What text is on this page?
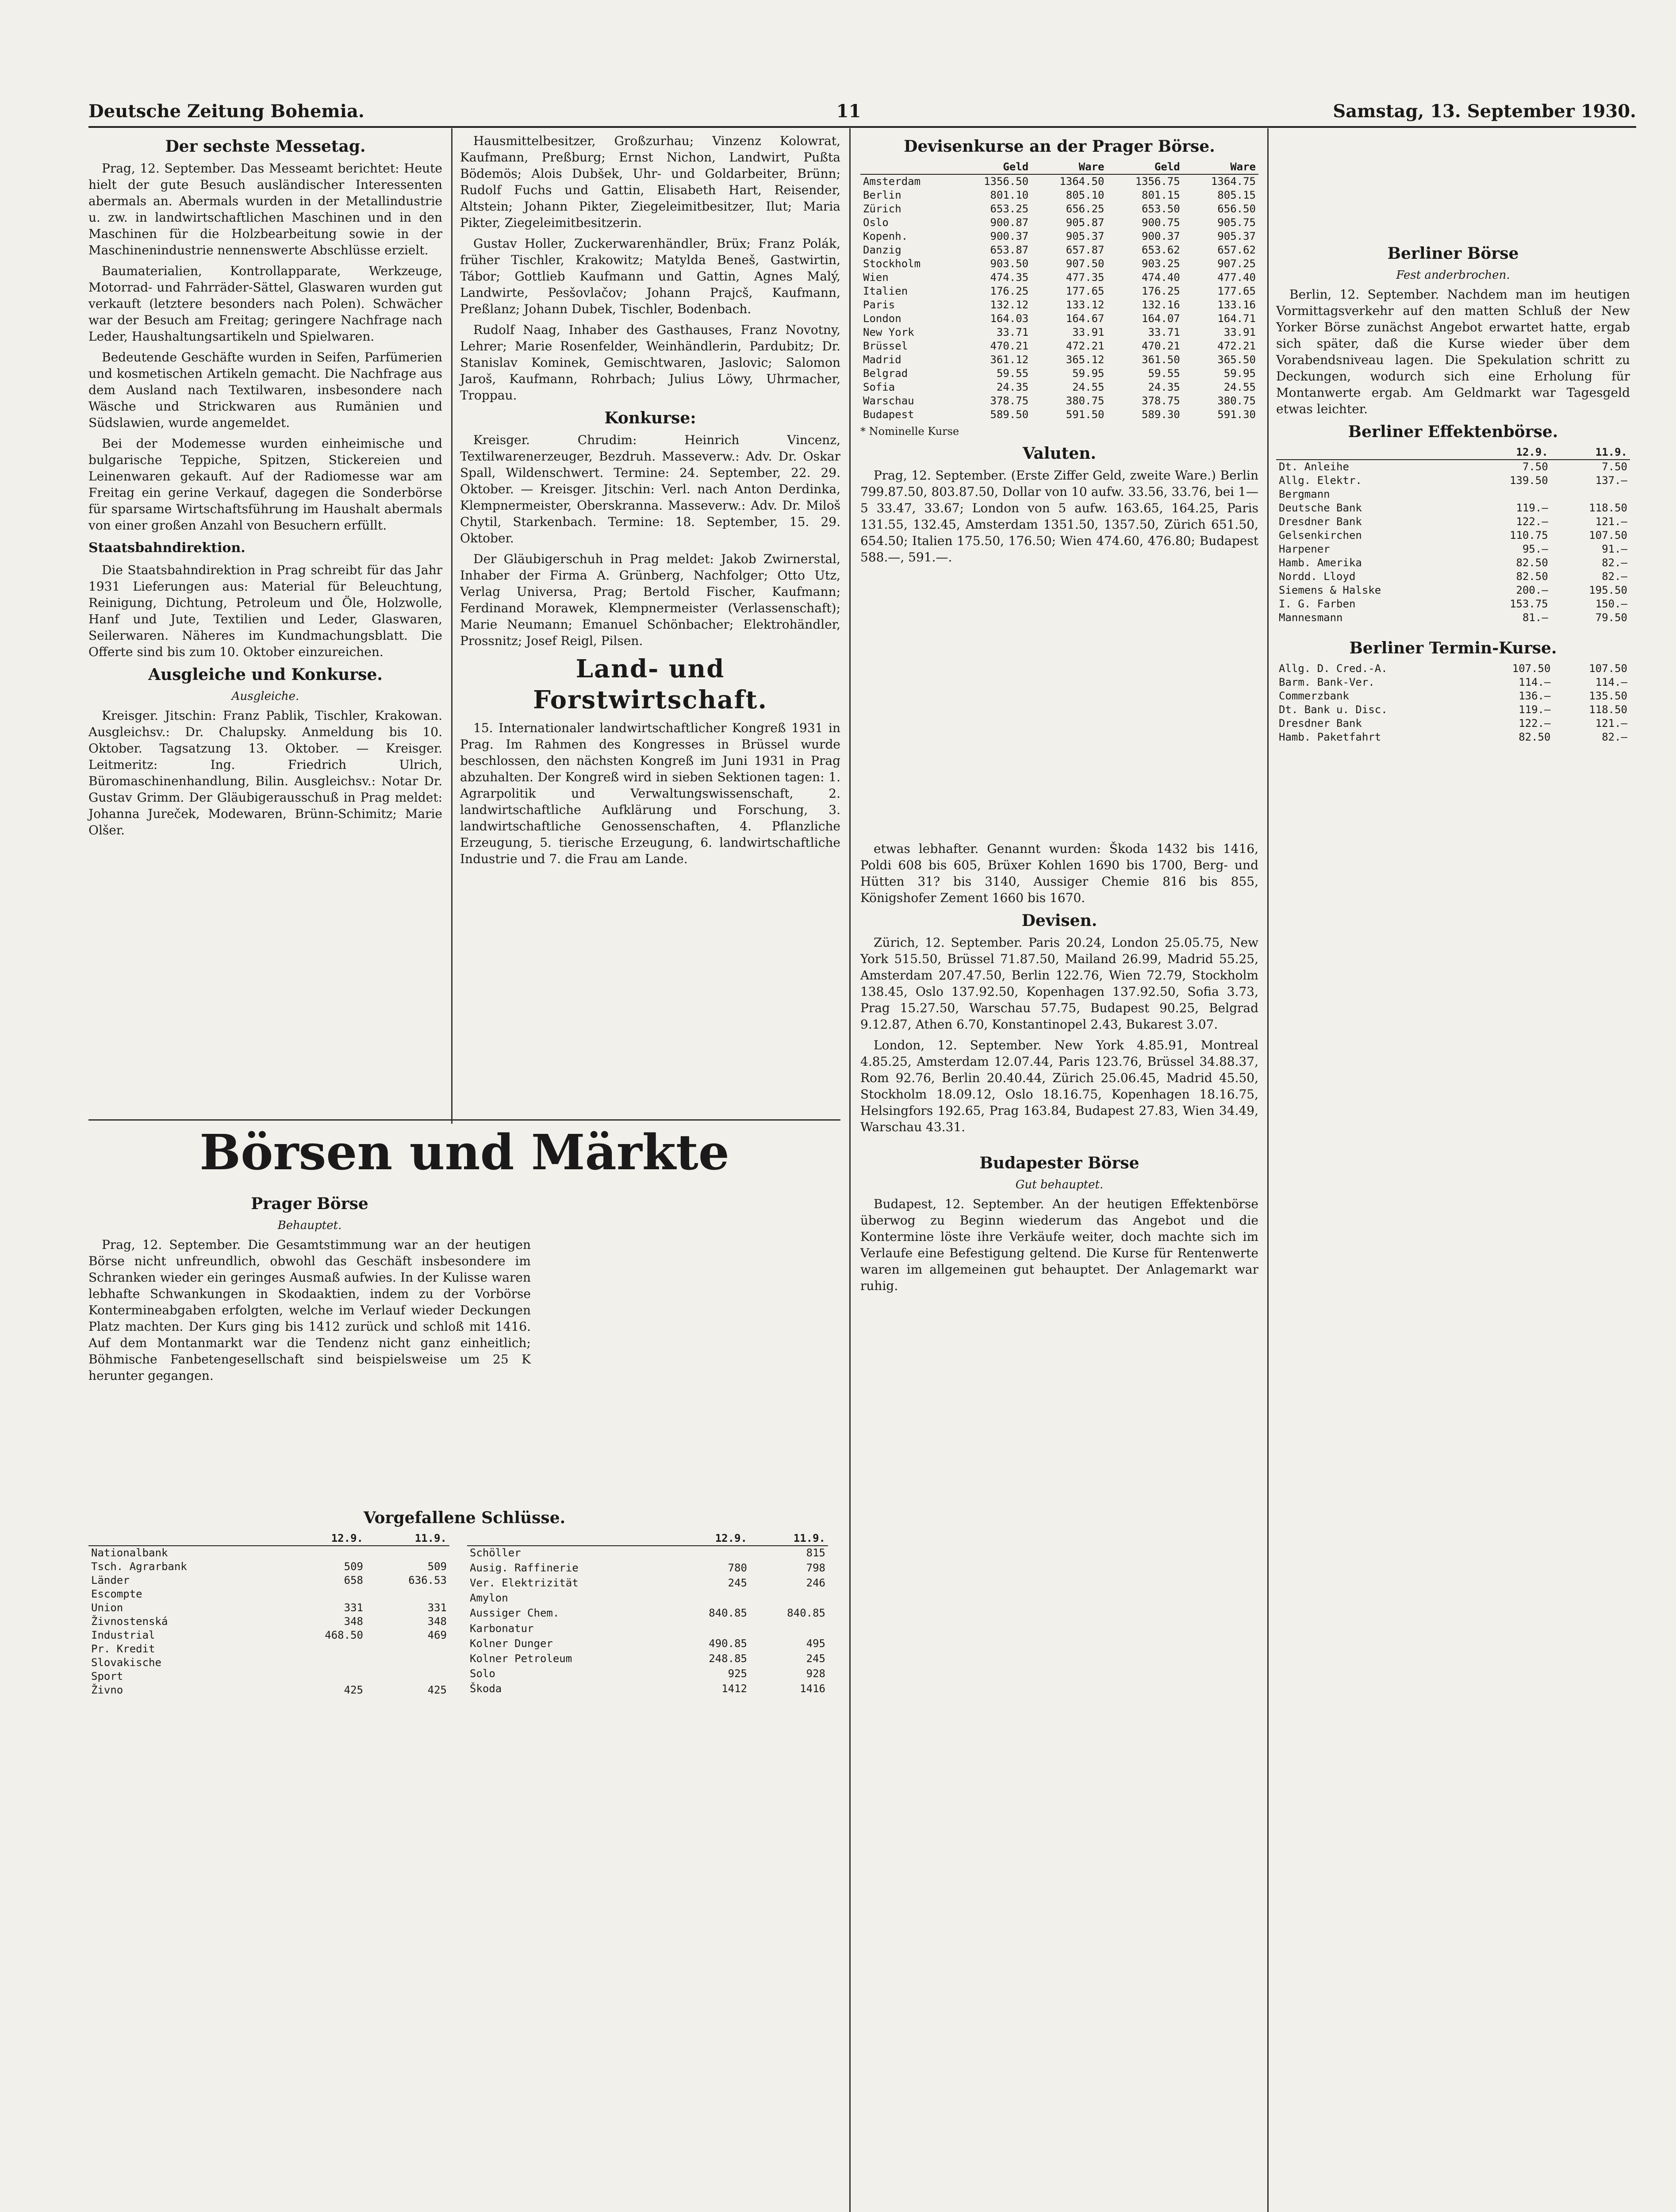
Deutsche Zeitung Bohemia.	11	Samstag, 13. September 1930.
Der sechste Messetag.

Prag, 12. September. Das Messeamt berichtet: Heute hielt der gute Besuch ausländischer Interessenten abermals an. Abermals wurden in der Metallindustrie u. zw. in landwirtschaftlichen Maschinen und in den Maschinen für die Holzbearbeitung sowie in der Maschinenindustrie nennenswerte Abschlüsse erzielt.

Baumaterialien, Kontrollapparate, Werkzeuge, Motorrad- und Fahrräder-Sättel, Glaswaren wurden gut verkauft (letztere besonders nach Polen). Schwächer war der Besuch am Freitag; geringere Nachfrage nach Leder, Haushaltungsartikeln und Spielwaren.

Bedeutende Geschäfte wurden in Seifen, Parfümerien und kosmetischen Artikeln gemacht. Die Nachfrage aus dem Ausland nach Textilwaren, insbesondere nach Wäsche und Strickwaren aus Rumänien und Südslawien, wurde angemeldet.

Bei der Modemesse wurden einheimische und bulgarische Teppiche, Spitzen, Stickereien und Leinenwaren gekauft. Auf der Radiomesse war am Freitag ein gerine Verkauf, dagegen die Sonderbörse für sparsame Wirtschaftsführung im Haushalt abermals von einer großen Anzahl von Besuchern erfüllt.

Staatsbahndirektion.

Die Staatsbahndirektion in Prag schreibt für das Jahr 1931 Lieferungen aus: Material für Beleuchtung, Reinigung, Dichtung, Petroleum und Öle, Holzwolle, Hanf und Jute, Textilien und Leder, Glaswaren, Seilerwaren. Näheres im Kundmachungsblatt. Die Offerte sind bis zum 10. Oktober einzureichen.

Ausgleiche und Konkurse.
Ausgleiche.

Kreisger. Jitschin: Franz Pablik, Tischler, Krakowan. Ausgleichsv.: Dr. Chalupsky. Anmeldung bis 10. Oktober. Tagsatzung 13. Oktober. — Kreisger. Leitmeritz: Ing. Friedrich Ulrich, Büromaschinenhandlung, Bilin. Ausgleichsv.: Notar Dr. Gustav Grimm. Der Gläubigerausschuß in Prag meldet: Johanna Jureček, Modewaren, Brünn-Schimitz; Marie Olšer.

Hausmittelbesitzer, Großzurhau; Vinzenz Kolowrat, Kaufmann, Preßburg; Ernst Nichon, Landwirt, Pußta Bödemös; Alois Dubšek, Uhr- und Goldarbeiter, Brünn; Rudolf Fuchs und Gattin, Elisabeth Hart, Reisender, Altstein; Johann Pikter, Ziegeleimitbesitzer, Ilut; Maria Pikter, Ziegeleimitbesitzerin.

Gustav Holler, Zuckerwarenhändler, Brüx; Franz Polák, früher Tischler, Krakowitz; Matylda Beneš, Gastwirtin, Tábor; Gottlieb Kaufmann und Gattin, Agnes Malý, Landwirte, Pesšovlačov; Johann Prajcš, Kaufmann, Preßlanz; Johann Dubek, Tischler, Bodenbach.

Rudolf Naag, Inhaber des Gasthauses, Franz Novotny, Lehrer; Marie Rosenfelder, Weinhändlerin, Pardubitz; Dr. Stanislav Kominek, Gemischtwaren, Jaslovic; Salomon Jaroš, Kaufmann, Rohrbach; Julius Löwy, Uhrmacher, Troppau.

Konkurse:

Kreisger. Chrudim: Heinrich Vincenz, Textilwarenerzeuger, Bezdruh. Masseverw.: Adv. Dr. Oskar Spall, Wildenschwert. Termine: 24. September, 22. 29. Oktober. — Kreisger. Jitschin: Verl. nach Anton Derdinka, Klempnermeister, Oberskranna. Masseverw.: Adv. Dr. Miloš Chytil, Starkenbach. Termine: 18. September, 15. 29. Oktober.

Der Gläubigerschuh in Prag meldet: Jakob Zwirnerstal, Inhaber der Firma A. Grünberg, Nachfolger; Otto Utz, Verlag Universa, Prag; Bertold Fischer, Kaufmann; Ferdinand Morawek, Klempnermeister (Verlassenschaft); Marie Neumann; Emanuel Schönbacher; Elektrohändler, Prossnitz; Josef Reigl, Pilsen.

Land- und Forstwirtschaft.

15. Internationaler landwirtschaftlicher Kongreß 1931 in Prag. Im Rahmen des Kongresses in Brüssel wurde beschlossen, den nächsten Kongreß im Juni 1931 in Prag abzuhalten. Der Kongreß wird in sieben Sektionen tagen: 1. Agrarpolitik und Verwaltungswissenschaft, 2. landwirtschaftliche Aufklärung und Forschung, 3. landwirtschaftliche Genossenschaften, 4. Pflanzliche Erzeugung, 5. tierische Erzeugung, 6. landwirtschaftliche Industrie und 7. die Frau am Lande.

Börsen und Märkte
Prager Börse
Behauptet.

Prag, 12. September. Die Gesamtstimmung war an der heutigen Börse nicht unfreundlich, obwohl das Geschäft insbesondere im Schranken wieder ein geringes Ausmaß aufwies. In der Kulisse waren lebhafte Schwankungen in Skodaaktien, indem zu der Vorbörse Kontermineabgaben erfolgten, welche im Verlauf wieder Deckungen Platz machten. Der Kurs ging bis 1412 zurück und schloß mit 1416. Auf dem Montanmarkt war die Tendenz nicht ganz einheitlich; Böhmische Fanbetengesellschaft sind beispielsweise um 25 K herunter gegangen.

Vorgefallene Schlüsse.
	12.9.	11.9.
Nationalbank		
Tsch. Agrarbank	509	509
Länder	658	636.53
Escompte		
Union	331	331
Živnostenská	348	348
Industrial	468.50	469
Pr. Kredit		
Slovakische		
Sport		
Živno	425	425
	12.9.	11.9.
Schöller		815
Ausig. Raffinerie	780	798
Ver. Elektrizität	245	246
Amylon		
Aussiger Chem.	840.85	840.85
Karbonatur		
Kolner Dunger	490.85	495
Kolner Petroleum	248.85	245
Solo	925	928
Škoda	1412	1416
Devisenkurse an der Prager Börse.
	Geld	Ware	Geld	Ware
Amsterdam	1356.50	1364.50	1356.75	1364.75
Berlin	801.10	805.10	801.15	805.15
Zürich	653.25	656.25	653.50	656.50
Oslo	900.87	905.87	900.75	905.75
Kopenh.	900.37	905.37	900.37	905.37
Danzig	653.87	657.87	653.62	657.62
Stockholm	903.50	907.50	903.25	907.25
Wien	474.35	477.35	474.40	477.40
Italien	176.25	177.65	176.25	177.65
Paris	132.12	133.12	132.16	133.16
London	164.03	164.67	164.07	164.71
New York	33.71	33.91	33.71	33.91
Brüssel	470.21	472.21	470.21	472.21
Madrid	361.12	365.12	361.50	365.50
Belgrad	59.55	59.95	59.55	59.95
Sofia	24.35	24.55	24.35	24.55
Warschau	378.75	380.75	378.75	380.75
Budapest	589.50	591.50	589.30	591.30
* Nominelle Kurse
Valuten.

Prag, 12. September. (Erste Ziffer Geld, zweite Ware.) Berlin 799.87.50, 803.87.50, Dollar von 10 aufw. 33.56, 33.76, bei 1—5 33.47, 33.67; London von 5 aufw. 163.65, 164.25, Paris 131.55, 132.45, Amsterdam 1351.50, 1357.50, Zürich 651.50, 654.50; Italien 175.50, 176.50; Wien 474.60, 476.80; Budapest 588.—, 591.—.

etwas lebhafter. Genannt wurden: Škoda 1432 bis 1416, Poldi 608 bis 605, Brüxer Kohlen 1690 bis 1700, Berg- und Hütten 31? bis 3140, Aussiger Chemie 816 bis 855, Königshofer Zement 1660 bis 1670.

Devisen.

Zürich, 12. September. Paris 20.24, London 25.05.75, New York 515.50, Brüssel 71.87.50, Mailand 26.99, Madrid 55.25, Amsterdam 207.47.50, Berlin 122.76, Wien 72.79, Stockholm 138.45, Oslo 137.92.50, Kopenhagen 137.92.50, Sofia 3.73, Prag 15.27.50, Warschau 57.75, Budapest 90.25, Belgrad 9.12.87, Athen 6.70, Konstantinopel 2.43, Bukarest 3.07.

London, 12. September. New York 4.85.91, Montreal 4.85.25, Amsterdam 12.07.44, Paris 123.76, Brüssel 34.88.37, Rom 92.76, Berlin 20.40.44, Zürich 25.06.45, Madrid 45.50, Stockholm 18.09.12, Oslo 18.16.75, Kopenhagen 18.16.75, Helsingfors 192.65, Prag 163.84, Budapest 27.83, Wien 34.49, Warschau 43.31.

Budapester Börse
Gut behauptet.

Budapest, 12. September. An der heutigen Effektenbörse überwog zu Beginn wiederum das Angebot und die Kontermine löste ihre Verkäufe weiter, doch machte sich im Verlaufe eine Befestigung geltend. Die Kurse für Rentenwerte waren im allgemeinen gut behauptet. Der Anlagemarkt war ruhig.

Berliner Börse
Fest anderbrochen.

Berlin, 12. September. Nachdem man im heutigen Vormittagsverkehr auf den matten Schluß der New Yorker Börse zunächst Angebot erwartet hatte, ergab sich später, daß die Kurse wieder über dem Vorabendsniveau lagen. Die Spekulation schritt zu Deckungen, wodurch sich eine Erholung für Montanwerte ergab. Am Geldmarkt war Tagesgeld etwas leichter.

Berliner Effektenbörse.
	12.9.	11.9.
Dt. Anleihe	7.50	7.50
Allg. Elektr.	139.50	137.—
Bergmann		
Deutsche Bank	119.—	118.50
Dresdner Bank	122.—	121.—
Gelsenkirchen	110.75	107.50
Harpener	95.—	91.—
Hamb. Amerika	82.50	82.—
Nordd. Lloyd	82.50	82.—
Siemens & Halske	200.—	195.50
I. G. Farben	153.75	150.—
Mannesmann	81.—	79.50
Berliner Termin-Kurse.
Allg. D. Cred.-A.	107.50	107.50
Barm. Bank-Ver.	114.—	114.—
Commerzbank	136.—	135.50
Dt. Bank u. Disc.	119.—	118.50
Dresdner Bank	122.—	121.—
Hamb. Paketfahrt	82.50	82.—
